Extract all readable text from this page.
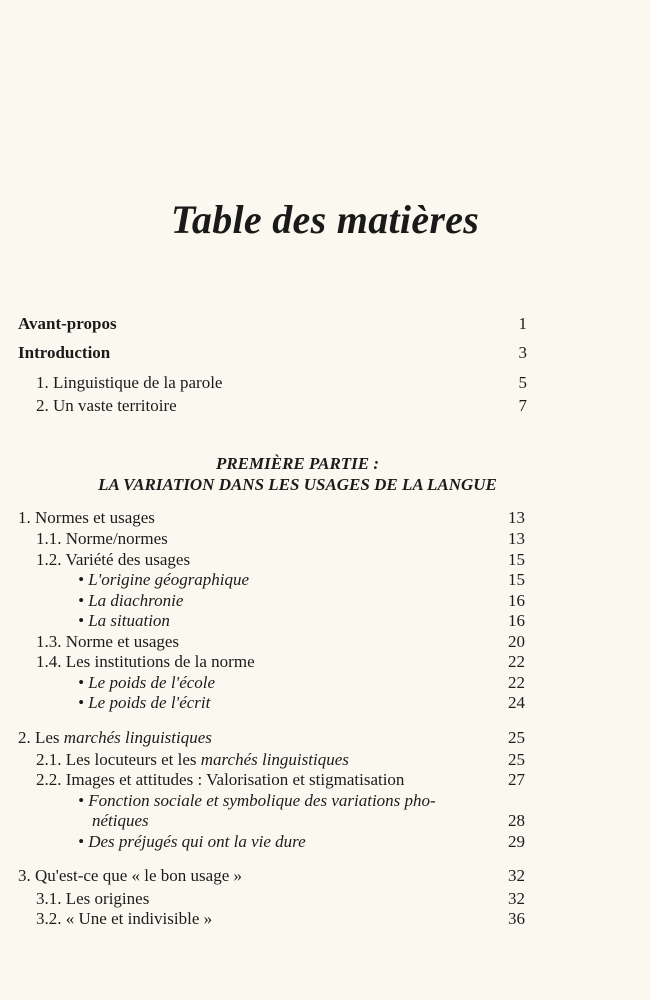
Table des matières
Avant-propos	1
Introduction	3
1. Linguistique de la parole	5
2. Un vaste territoire	7
PREMIÈRE PARTIE :
LA VARIATION DANS LES USAGES DE LA LANGUE
1. Normes et usages	13
1.1. Norme/normes	13
1.2. Variété des usages	15
• L'origine géographique	15
• La diachronie	16
• La situation	16
1.3. Norme et usages	20
1.4. Les institutions de la norme	22
• Le poids de l'école	22
• Le poids de l'écrit	24
2. Les marchés linguistiques	25
2.1. Les locuteurs et les marchés linguistiques	25
2.2. Images et attitudes : Valorisation et stigmatisation	27
• Fonction sociale et symbolique des variations pho-
nétiques	28
• Des préjugés qui ont la vie dure	29
3. Qu'est-ce que « le bon usage »	32
3.1. Les origines	32
3.2. « Une et indivisible »	36
